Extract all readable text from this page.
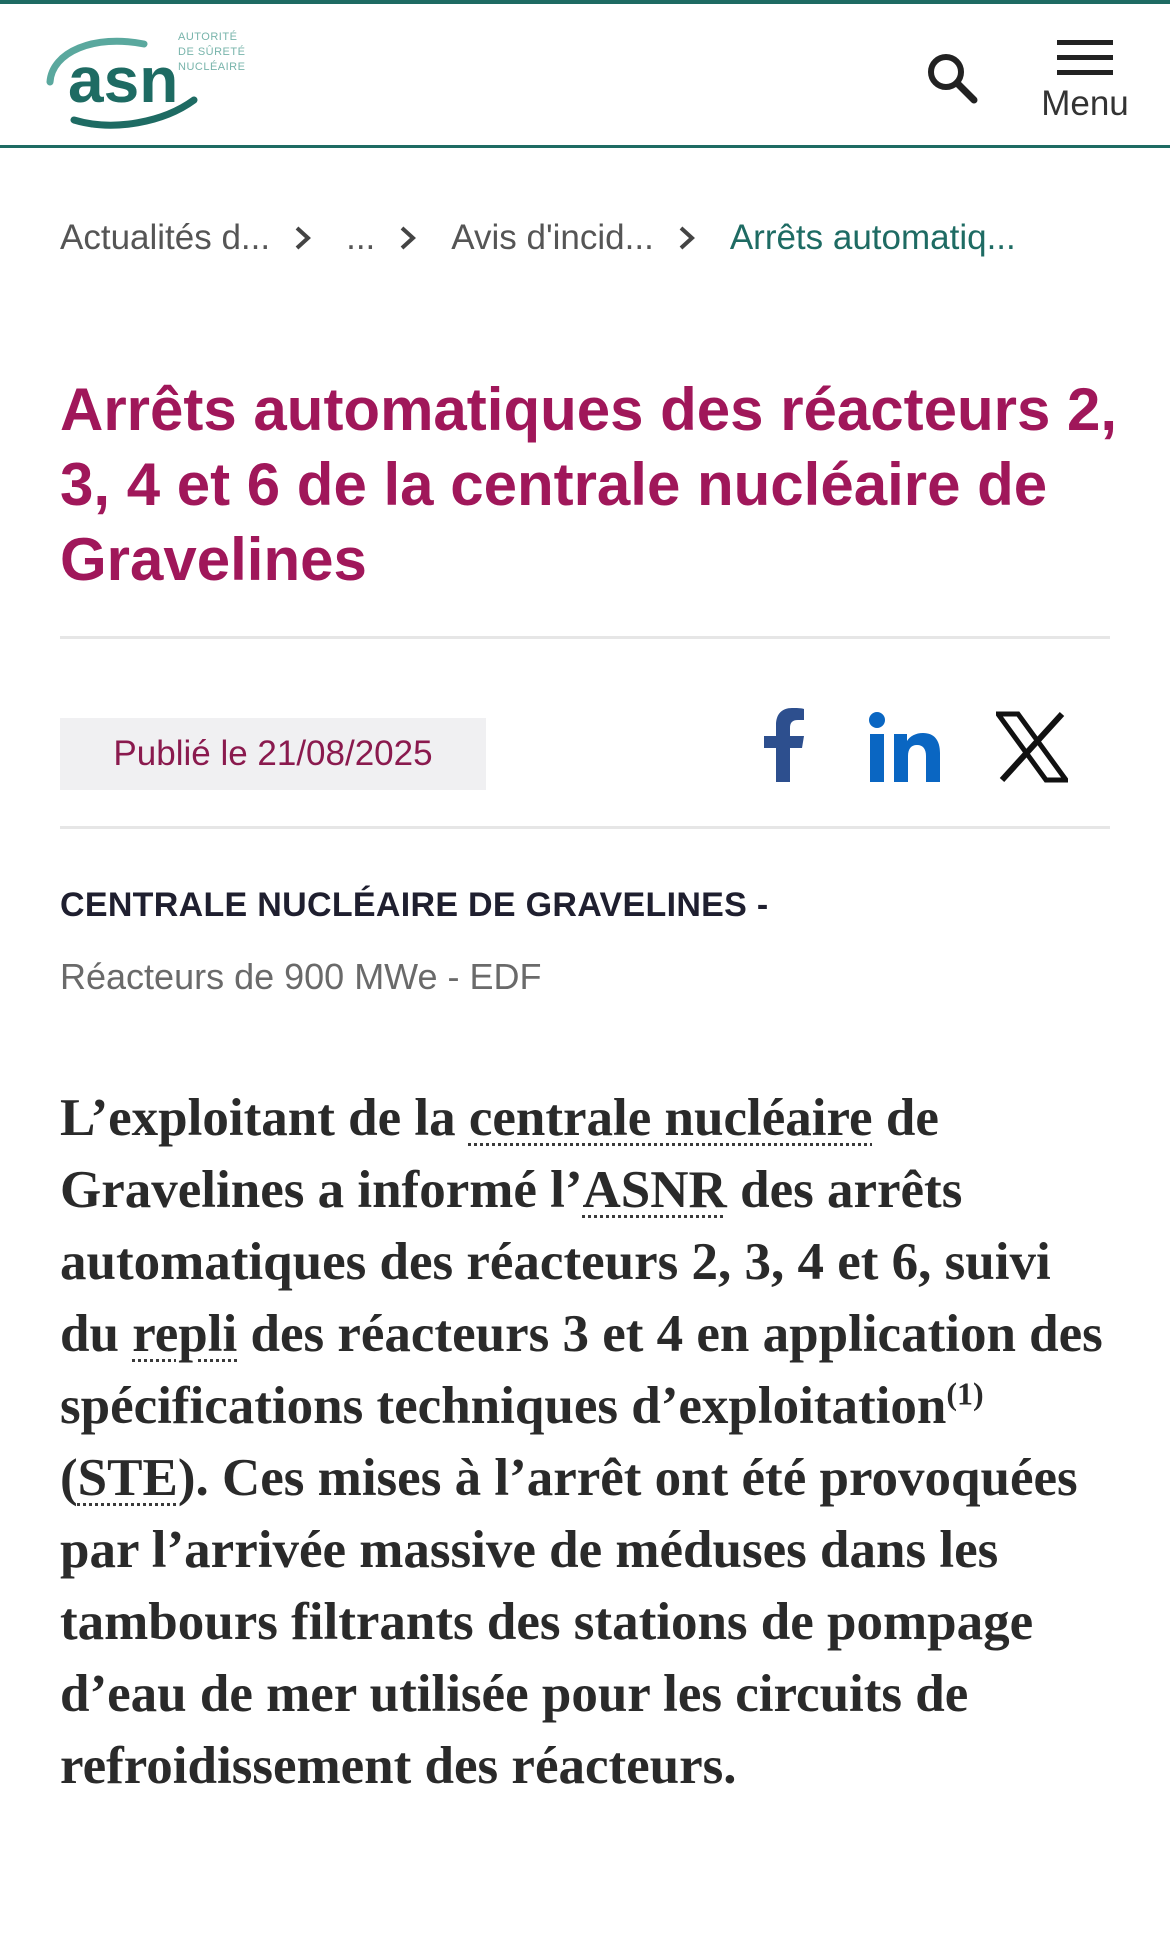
asn
AUTORITÉ
DE SÛRETÉ
NUCLÉAIRE
Menu
Actualités d... ... Avis d'incid... Arrêts automatiq...
Arrêts automatiques des réacteurs 2, 3, 4 et 6 de la centrale nucléaire de Gravelines
Publié le 21/08/2025

CENTRALE NUCLÉAIRE DE GRAVELINES -

Réacteurs de 900 MWe - EDF

L’exploitant de la centrale nucléaire de Gravelines a informé l’ASNR des arrêts automatiques des réacteurs 2, 3, 4 et 6, suivi du repli des réacteurs 3 et 4 en application des spécifications techniques d’exploitation$^{(1)}$ (STE). Ces mises à l’arrêt ont été provoquées par l’arrivée massive de méduses dans les tambours filtrants des stations de pompage d’eau de mer utilisée pour les circuits de refroidissement des réacteurs.
